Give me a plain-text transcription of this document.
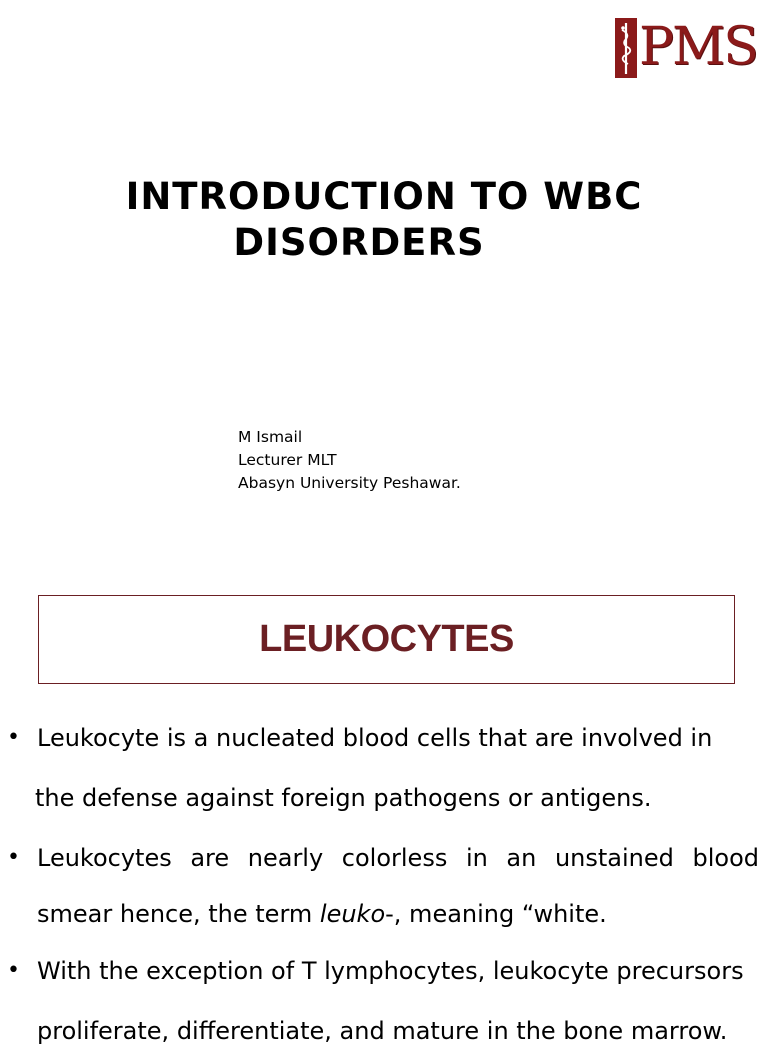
PMS
INTRODUCTION TO WBC
DISORDERS
M Ismail
Lecturer MLT
Abasyn University Peshawar.
LEUKOCYTES
• Leukocyte is a nucleated blood cells that are involved in
the defense against foreign pathogens or antigens.
• Leukocytes are nearly colorless in an unstained blood
smear hence, the term leuko-, meaning “white.
• With the exception of T lymphocytes, leukocyte precursors
proliferate, differentiate, and mature in the bone marrow.
